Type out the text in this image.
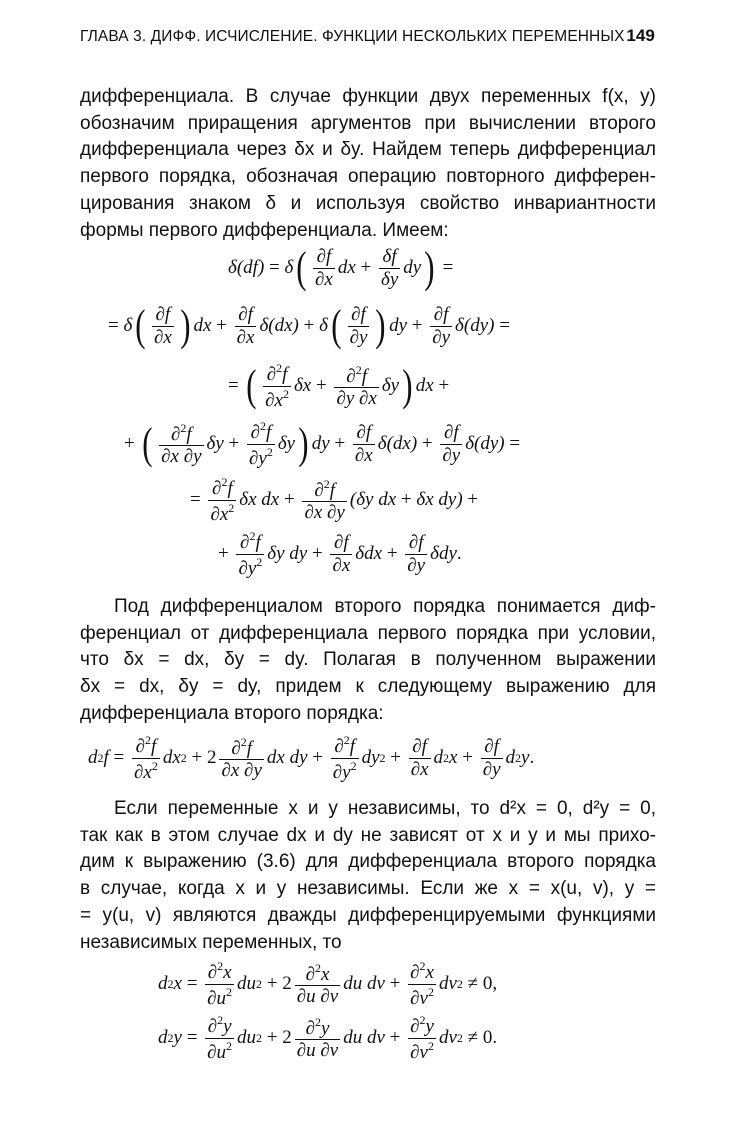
ГЛАВА 3. ДИФФ. ИСЧИСЛЕНИЕ. ФУНКЦИИ НЕСКОЛЬКИХ ПЕРЕМЕННЫХ 149
дифференциала. В случае функции двух переменных f(x, y)
обозначим приращения аргументов при вычислении второго
дифференциала через δx и δy. Найдем теперь дифференциал
первого порядка, обозначая операцию повторного дифферен-
цирования знаком δ и используя свойство инвариантности
формы первого дифференциала. Имеем:
δ( df ) = δ ( $\frac{\partial f}{\partial x}$ dx + $\frac{\delta f}{\delta y}$ dy ) =
= δ ( $\frac{\partial f}{\partial x}$ ) dx + $\frac{\partial f}{\partial x} \delta(dx) + \delta$ ( $\frac{\partial f}{\partial y}$ ) dy + $\frac{\partial f}{\partial y} \delta(dy)$ =
= ( $\frac{\partial^2f}{\partial x^2}$ $\delta x + \frac{\partial^2f}{\partial y \partial x}$ δy ) dx +
+ ( $\frac{\partial^2f}{\partial x \partial y}$ $\delta y + \frac{\partial^2f}{\partial y^2}$ δy ) dy + $\frac{\partial f}{\partial x} \delta(dx) + \frac{\partial f}{\partial y} \delta(dy)$ =
= $\frac{\partial^2f}{\partial x^2}$ δx dx + $\frac{\partial^2f}{\partial x \partial y} (\delta y$ dx + δx dy) +
+ $\frac{\partial^2f}{\partial y^2}$ δy dy + $\frac{\partial f}{\partial x}$ $\delta dx + \frac{\partial f}{\partial y}$ δdy .
Под дифференциалом второго порядка понимается диф-
ференциал от дифференциала первого порядка при условии,
что δx = dx, δy = dy. Полагая в полученном выражении
δx = dx, δy = dy, придем к следующему выражению для
дифференциала второго порядка:
d 2 $f = \frac{\partial^2f}{\partial x^2}$ dx $2 + 2 \frac{\partial^2f}{\partial x \partial y}$ dx dy + $\frac{\partial^2f}{\partial y^2}$ dy $2 + \frac{\partial f}{\partial x}$ d 2 $x + \frac{\partial f}{\partial y}$ d 2 y .
Если переменные x и y независимы, то d²x = 0, d²y = 0,
так как в этом случае dx и dy не зависят от x и y и мы прихо-
дим к выражению (3.6) для дифференциала второго порядка
в случае, когда x и y независимы. Если же x = x(u, v), y =
= y(u, v) являются дважды дифференцируемыми функциями
независимых переменных, то
d 2 $x = \frac{\partial^2x}{\partial u^2}$ du $2 + 2 \frac{\partial^2x}{\partial u \partial v}$ du dv + $\frac{\partial^2x}{\partial v^2}$ dv 2 ≠ 0,
d 2 $y = \frac{\partial^2y}{\partial u^2}$ du $2 + 2 \frac{\partial^2y}{\partial u \partial v}$ du dv + $\frac{\partial^2y}{\partial v^2}$ dv 2 ≠ 0.
